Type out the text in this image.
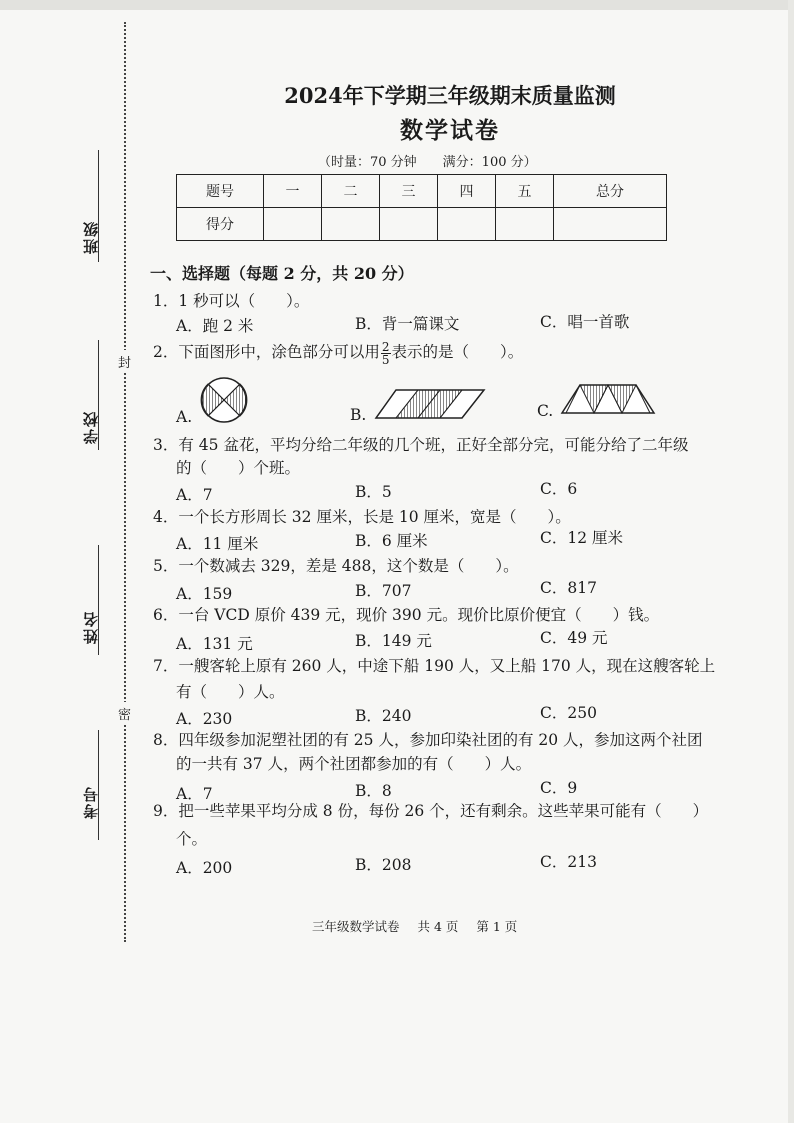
封
密
班级
学校
姓名
考号
2024年下学期三年级期末质量监测
数学试卷
（时量：70 分钟　　满分：100 分）
题号	一	二	三	四	五	总分
得分						
一、选择题（每题 2 分，共 20 分）
1．1 秒可以（　　）。
A．跑 2 米	B．背一篇课文	C．唱一首歌
2．下面图形中，涂色部分可以用 $\frac{2}{5}$ 表示的是（　　）。
A.	B.	C.
3．有 45 盆花，平均分给二年级的几个班，正好全部分完，可能分给了二年级
的（　　）个班。
A．7	B．5	C．6
4．一个长方形周长 32 厘米，长是 10 厘米，宽是（　　）。
A．11 厘米	B．6 厘米	C．12 厘米
5．一个数减去 329，差是 488，这个数是（　　）。
A．159	B．707	C．817
6．一台 VCD 原价 439 元，现价 390 元。现价比原价便宜（　　）钱。
A．131 元	B．149 元	C．49 元
7．一艘客轮上原有 260 人，中途下船 190 人，又上船 170 人，现在这艘客轮上
有（　　）人。
A．230	B．240	C．250
8．四年级参加泥塑社团的有 25 人，参加印染社团的有 20 人，参加这两个社团
的一共有 37 人，两个社团都参加的有（　　）人。
A．7	B．8	C．9
9．把一些苹果平均分成 8 份，每份 26 个，还有剩余。这些苹果可能有（　　）
个。
A．200	B．208	C．213
三年级数学试卷 共 4 页 第 1 页
